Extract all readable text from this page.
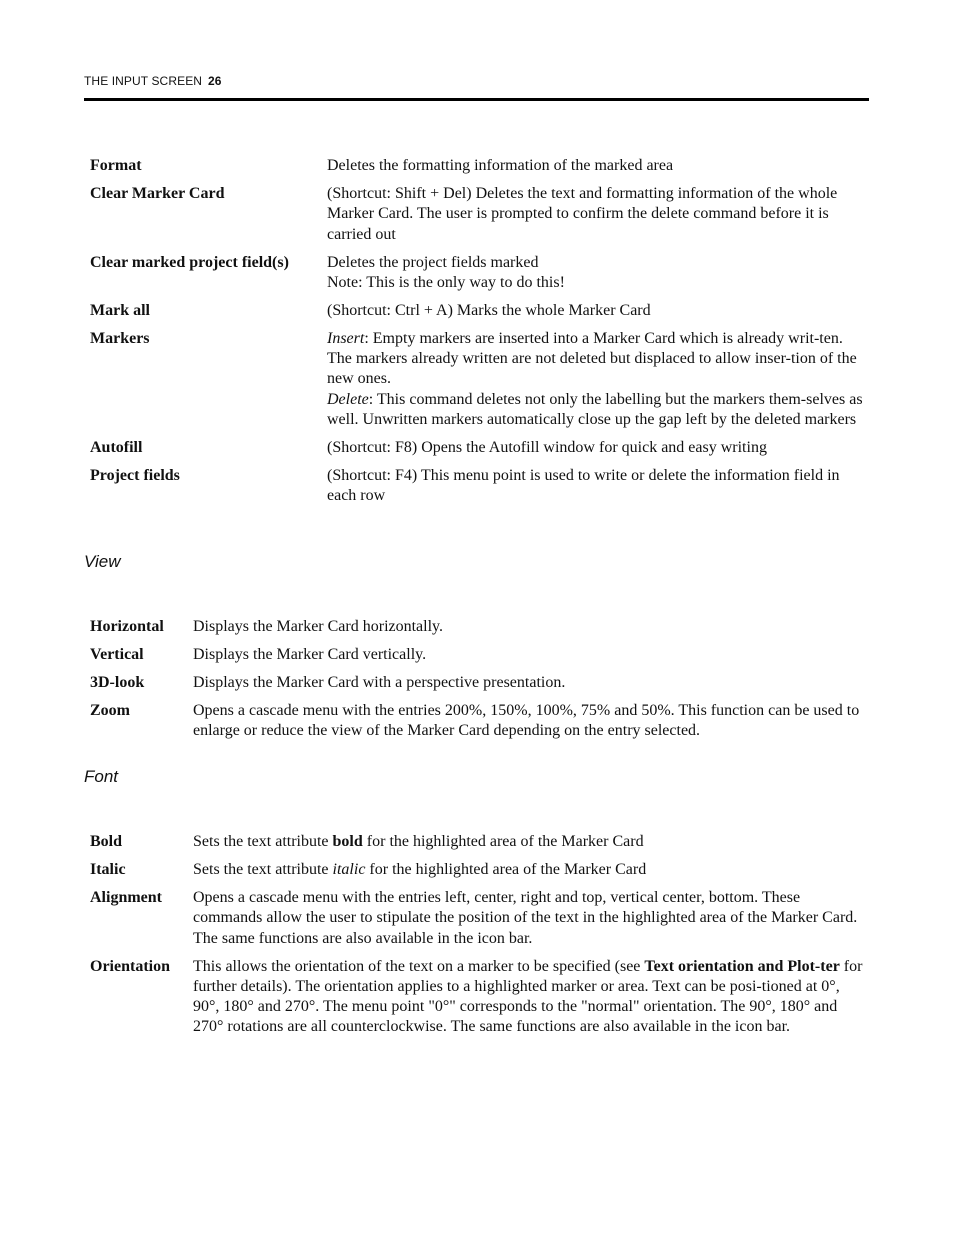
THE INPUT SCREEN 26
Format	Deletes the formatting information of the marked area
Clear Marker Card	(Shortcut: Shift + Del) Deletes the text and formatting information of the whole Marker Card. The user is prompted to confirm the delete command before it is carried out
Clear marked project field(s)	Deletes the project fields marked

Note: This is the only way to do this!

Mark all	(Shortcut: Ctrl + A) Marks the whole Marker Card
Markers	Insert: Empty markers are inserted into a Marker Card which is already writ-ten. The markers already written are not deleted but displaced to allow inser-tion of the new ones.

Delete: This command deletes not only the labelling but the markers them-selves as well. Unwritten markers automatically close up the gap left by the deleted markers

Autofill	(Shortcut: F8) Opens the Autofill window for quick and easy writing
Project fields	(Shortcut: F4) This menu point is used to write or delete the information field in each row
View
Horizontal	Displays the Marker Card horizontally.
Vertical	Displays the Marker Card vertically.
3D-look	Displays the Marker Card with a perspective presentation.
Zoom	Opens a cascade menu with the entries 200%, 150%, 100%, 75% and 50%. This function can be used to enlarge or reduce the view of the Marker Card depending on the entry selected.
Font
Bold	Sets the text attribute bold for the highlighted area of the Marker Card
Italic	Sets the text attribute italic for the highlighted area of the Marker Card
Alignment	Opens a cascade menu with the entries left, center, right and top, vertical center, bottom. These commands allow the user to stipulate the position of the text in the highlighted area of the Marker Card. The same functions are also available in the icon bar.
Orientation	This allows the orientation of the text on a marker to be specified (see Text orientation and Plot-ter for further details). The orientation applies to a highlighted marker or area. Text can be posi-tioned at 0°, 90°, 180° and 270°. The menu point "0°" corresponds to the "normal" orientation. The 90°, 180° and 270° rotations are all counterclockwise. The same functions are also available in the icon bar.
